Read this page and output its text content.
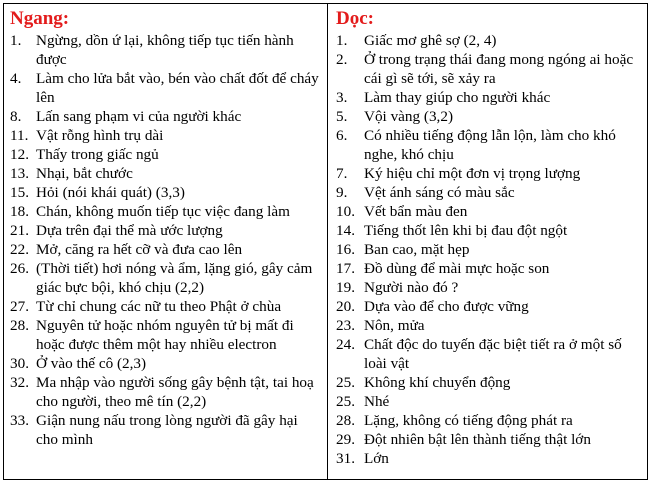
Ngang:
1. Ngừng, dồn ứ lại, không tiếp tục tiến hành được
4. Làm cho lửa bắt vào, bén vào chất đốt để cháy lên
8. Lấn sang phạm vi của người khác
11. Vật rỗng hình trụ dài
12. Thấy trong giấc ngủ
13. Nhại, bắt chước
15. Hỏi (nói khái quát) (3,3)
18. Chán, không muốn tiếp tục việc đang làm
21. Dựa trên đại thể mà ước lượng
22. Mở, căng ra hết cỡ và đưa cao lên
26. (Thời tiết) hơi nóng và ẩm, lặng gió, gây cảm giác bực bội, khó chịu (2,2)
27. Từ chỉ chung các nữ tu theo Phật ở chùa
28. Nguyên tử hoặc nhóm nguyên tử bị mất đi hoặc được thêm một hay nhiều electron
30. Ở vào thế cô (2,3)
32. Ma nhập vào người sống gây bệnh tật, tai hoạ cho người, theo mê tín (2,2)
33. Giận nung nấu trong lòng người đã gây hại cho mình
Dọc:
1.	Giấc mơ ghê sợ (2, 4)
2.	Ở trong trạng thái đang mong ngóng ai hoặc cái gì sẽ tới, sẽ xảy ra
3.	Làm thay giúp cho người khác
5.	Vội vàng (3,2)
6.	Có nhiều tiếng động lẫn lộn, làm cho khó nghe, khó chịu
7.	Ký hiệu chỉ một đơn vị trọng lượng
9.	Vệt ánh sáng có màu sắc
10. Vết bẩn màu đen
14. Tiếng thốt lên khi bị đau đột ngột
16. Ban cao, mặt hẹp
17. Đồ dùng để mài mực hoặc son
19. Người nào đó ?
20. Dựa vào để cho được vững
23. Nôn, mửa
24. Chất độc do tuyến đặc biệt tiết ra ở một số loài vật
25. Không khí chuyển động
25. Nhé
28. Lặng, không có tiếng động phát ra
29. Đột nhiên bật lên thành tiếng thật lớn
31. Lớn
